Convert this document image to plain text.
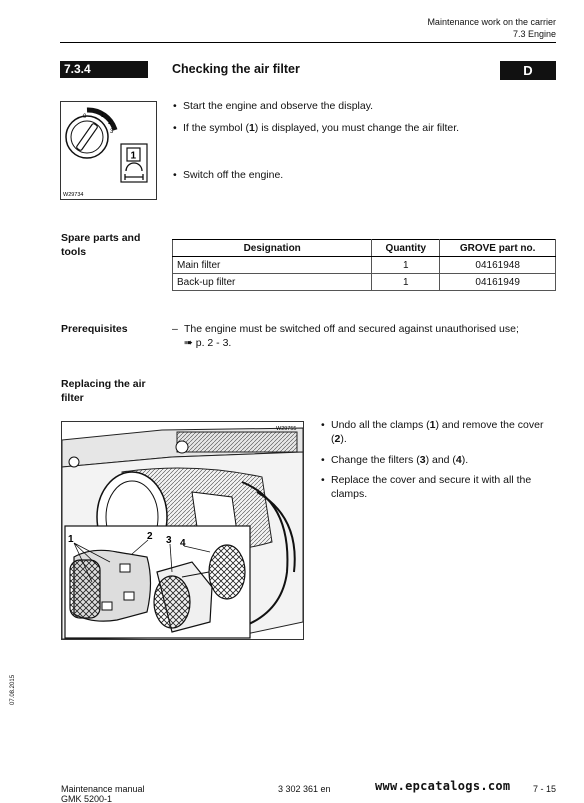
Maintenance work on the carrier
7.3 Engine
7.3.4	Checking the air filter	D
0 1
2
3
1
W29734
• Start the engine and observe the display.
• If the symbol (1) is displayed, you must change the air filter.
• Switch off the engine.
Spare parts and tools	Designation	Quantity	GROVE part no.
Main filter	1	04161948
Back-up filter	1	04161949
Prerequisites	– The engine must be switched off and secured against unauthorised use;
➠ p. 2 - 3.
Replacing the air filter
1	2 3 4
W29755	• Undo all the clamps (1) and remove the cover (2).
• Change the filters (3) and (4).
• Replace the cover and secure it with all the clamps.
07.08.2015
Maintenance manual
GMK 5200-1
3 302 361 en	7 - 15
www.epcatalogs.com
